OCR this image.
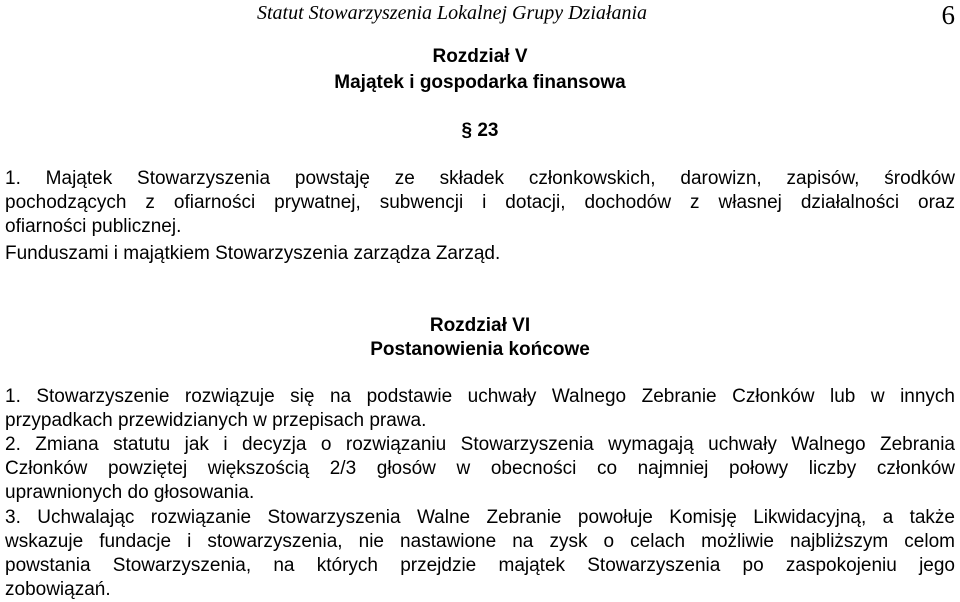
Statut Stowarzyszenia Lokalnej Grupy Działania	6
Rozdział V
Majątek i gospodarka finansowa
§ 23
1. Majątek Stowarzyszenia powstaję ze składek członkowskich, darowizn, zapisów, środków
pochodzących z ofiarności prywatnej, subwencji i dotacji, dochodów z własnej działalności oraz
ofiarności publicznej.
Funduszami i majątkiem Stowarzyszenia zarządza Zarząd.
Rozdział VI
Postanowienia końcowe
1. Stowarzyszenie rozwiązuje się na podstawie uchwały Walnego Zebranie Członków lub w innych
przypadkach przewidzianych w przepisach prawa.
2. Zmiana statutu jak i decyzja o rozwiązaniu Stowarzyszenia wymagają uchwały Walnego Zebrania
Członków powziętej większością 2/3 głosów w obecności co najmniej połowy liczby członków
uprawnionych do głosowania.
3. Uchwalając rozwiązanie Stowarzyszenia Walne Zebranie powołuje Komisję Likwidacyjną, a także
wskazuje fundacje i stowarzyszenia, nie nastawione na zysk o celach możliwie najbliższym celom
powstania Stowarzyszenia, na których przejdzie majątek Stowarzyszenia po zaspokojeniu jego
zobowiązań.
